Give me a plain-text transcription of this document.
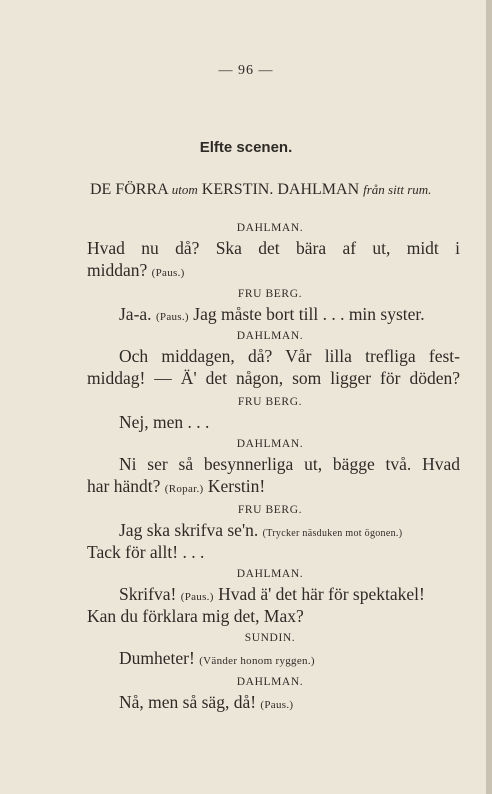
— 96 —
Elfte scenen.
DE FÖRRA utom KERSTIN. DAHLMAN från sitt rum.
DAHLMAN.
Hvad nu då? Ska det bära af ut, midt i
middan? (Paus.)
FRU BERG.
Ja-a. (Paus.) Jag måste bort till . . . min syster.
DAHLMAN.
Och middagen, då? Vår lilla trefliga fest-
middag! — Ä' det någon, som ligger för döden?
FRU BERG.
Nej, men . . .
DAHLMAN.
Ni ser så besynnerliga ut, bägge två. Hvad
har händt? (Ropar.) Kerstin!
FRU BERG.
Jag ska skrifva se'n. (Trycker näsduken mot ögonen.)
Tack för allt! . . .
DAHLMAN.
Skrifva! (Paus.) Hvad ä' det här för spektakel!
Kan du förklara mig det, Max?
SUNDIN.
Dumheter! (Vänder honom ryggen.)
DAHLMAN.
Nå, men så säg, då! (Paus.)
